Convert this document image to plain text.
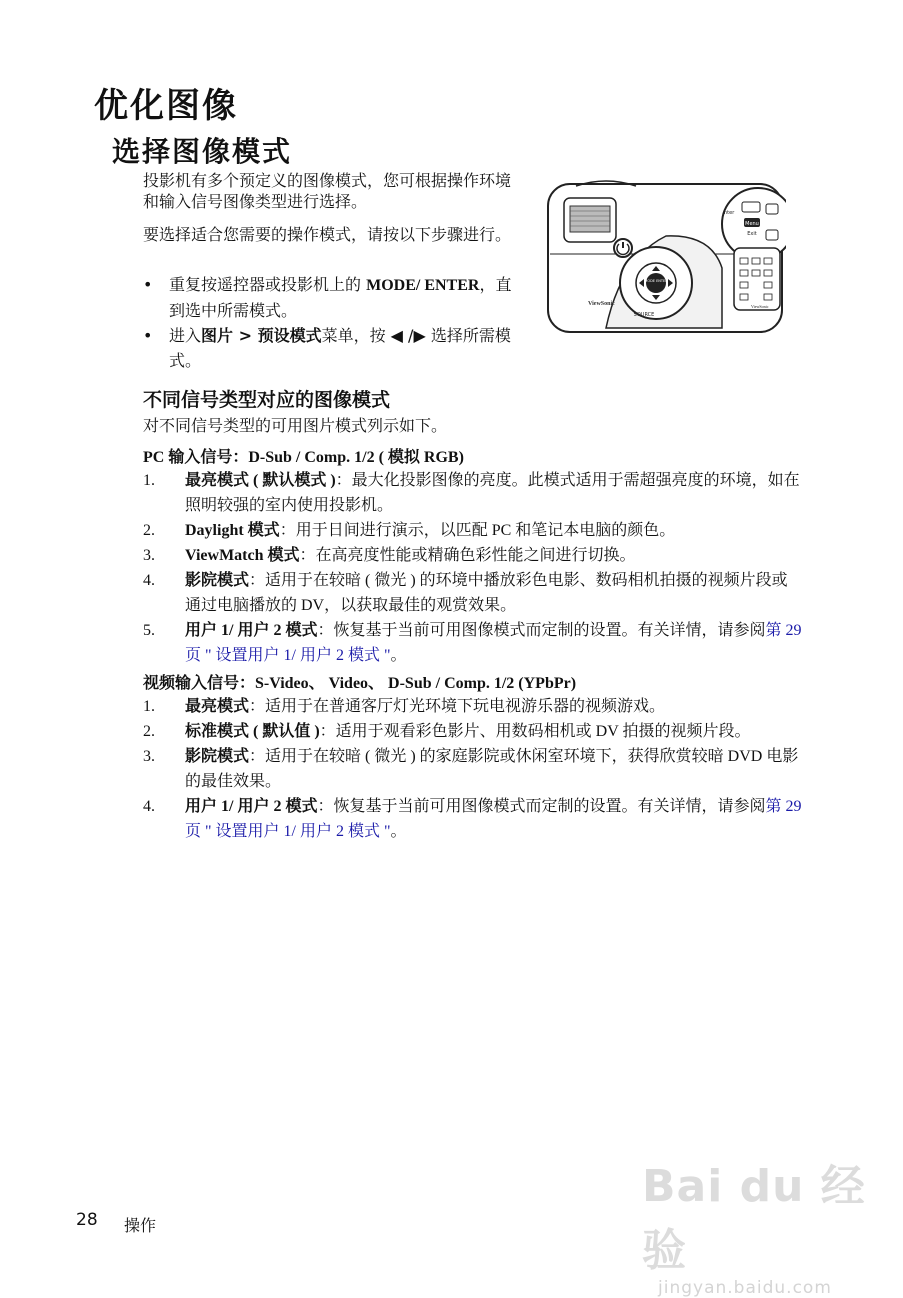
优化图像
选择图像模式
投影机有多个预定义的图像模式，您可根据操作环境和输入信号图像类型进行选择。
要选择适合您需要的操作模式，请按以下步骤进行。
• 重复按遥控器或投影机上的 MODE/ ENTER，直到选中所需模式。
• 进入图片 > 预设模式菜单，按 ◀ /▶ 选择所需模式。
MODE ENTER
SOURCE
ViewSonic
nter
Menu
Exit
ViewSonic
不同信号类型对应的图像模式
对不同信号类型的可用图片模式列示如下。
PC 输入信号：D-Sub / Comp. 1/2 ( 模拟 RGB)
1. 最亮模式 ( 默认模式 )：最大化投影图像的亮度。此模式适用于需超强亮度的环境，如在照明较强的室内使用投影机。
2. Daylight 模式：用于日间进行演示，以匹配 PC 和笔记本电脑的颜色。
3. ViewMatch 模式：在高亮度性能或精确色彩性能之间进行切换。
4. 影院模式：适用于在较暗 ( 微光 ) 的环境中播放彩色电影、数码相机拍摄的视频片段或通过电脑播放的 DV，以获取最佳的观赏效果。
5. 用户 1/ 用户 2 模式：恢复基于当前可用图像模式而定制的设置。有关详情，请参阅第 29 页 " 设置用户 1/ 用户 2 模式 "。
视频输入信号：S-Video、 Video、 D-Sub / Comp. 1/2 (YPbPr)
1. 最亮模式：适用于在普通客厅灯光环境下玩电视游乐器的视频游戏。
2. 标准模式 ( 默认值 )：适用于观看彩色影片、用数码相机或 DV 拍摄的视频片段。
3. 影院模式：适用于在较暗 ( 微光 ) 的家庭影院或休闲室环境下，获得欣赏较暗 DVD 电影的最佳效果。
4. 用户 1/ 用户 2 模式：恢复基于当前可用图像模式而定制的设置。有关详情，请参阅第 29 页 " 设置用户 1/ 用户 2 模式 "。
28 操作
Bai du 经验
jingyan.baidu.com
